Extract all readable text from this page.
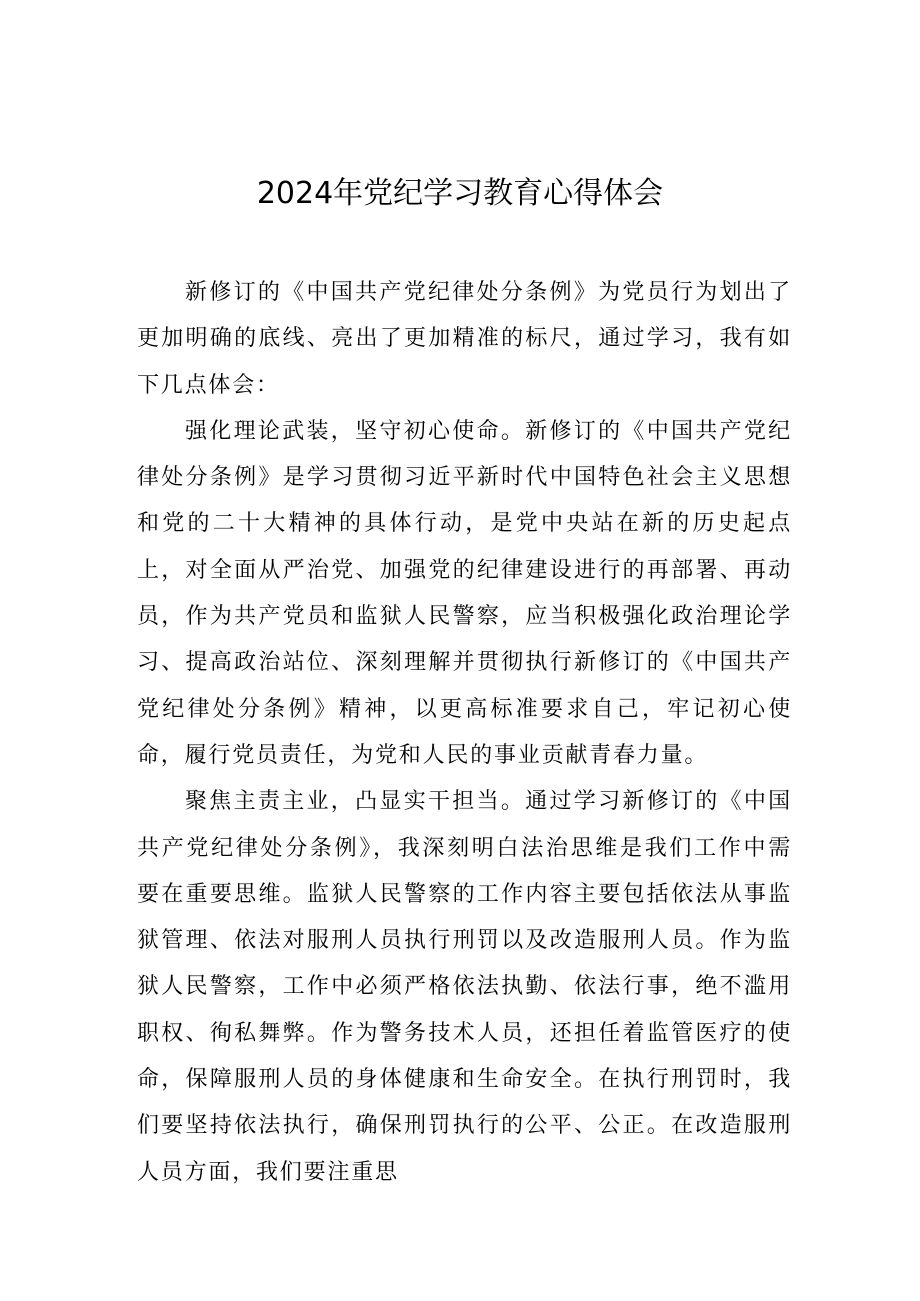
2024年党纪学习教育心得体会

新修订的《中国共产党纪律处分条例》为党员行为划出了更加明确的底线、亮出了更加精准的标尺，通过学习，我有如下几点体会：

强化理论武装，坚守初心使命。新修订的《中国共产党纪律处分条例》是学习贯彻习近平新时代中国特色社会主义思想和党的二十大精神的具体行动，是党中央站在新的历史起点上，对全面从严治党、加强党的纪律建设进行的再部署、再动员，作为共产党员和监狱人民警察，应当积极强化政治理论学习、提高政治站位、深刻理解并贯彻执行新修订的《中国共产党纪律处分条例》精神，以更高标准要求自己，牢记初心使命，履行党员责任，为党和人民的事业贡献青春力量。

聚焦主责主业，凸显实干担当。通过学习新修订的《中国共产党纪律处分条例》，我深刻明白法治思维是我们工作中需要在重要思维。监狱人民警察的工作内容主要包括依法从事监狱管理、依法对服刑人员执行刑罚以及改造服刑人员。作为监狱人民警察，工作中必须严格依法执勤、依法行事，绝不滥用职权、徇私舞弊。作为警务技术人员，还担任着监管医疗的使命，保障服刑人员的身体健康和生命安全。在执行刑罚时，我们要坚持依法执行，确保刑罚执行的公平、公正。在改造服刑人员方面，我们要注重思
